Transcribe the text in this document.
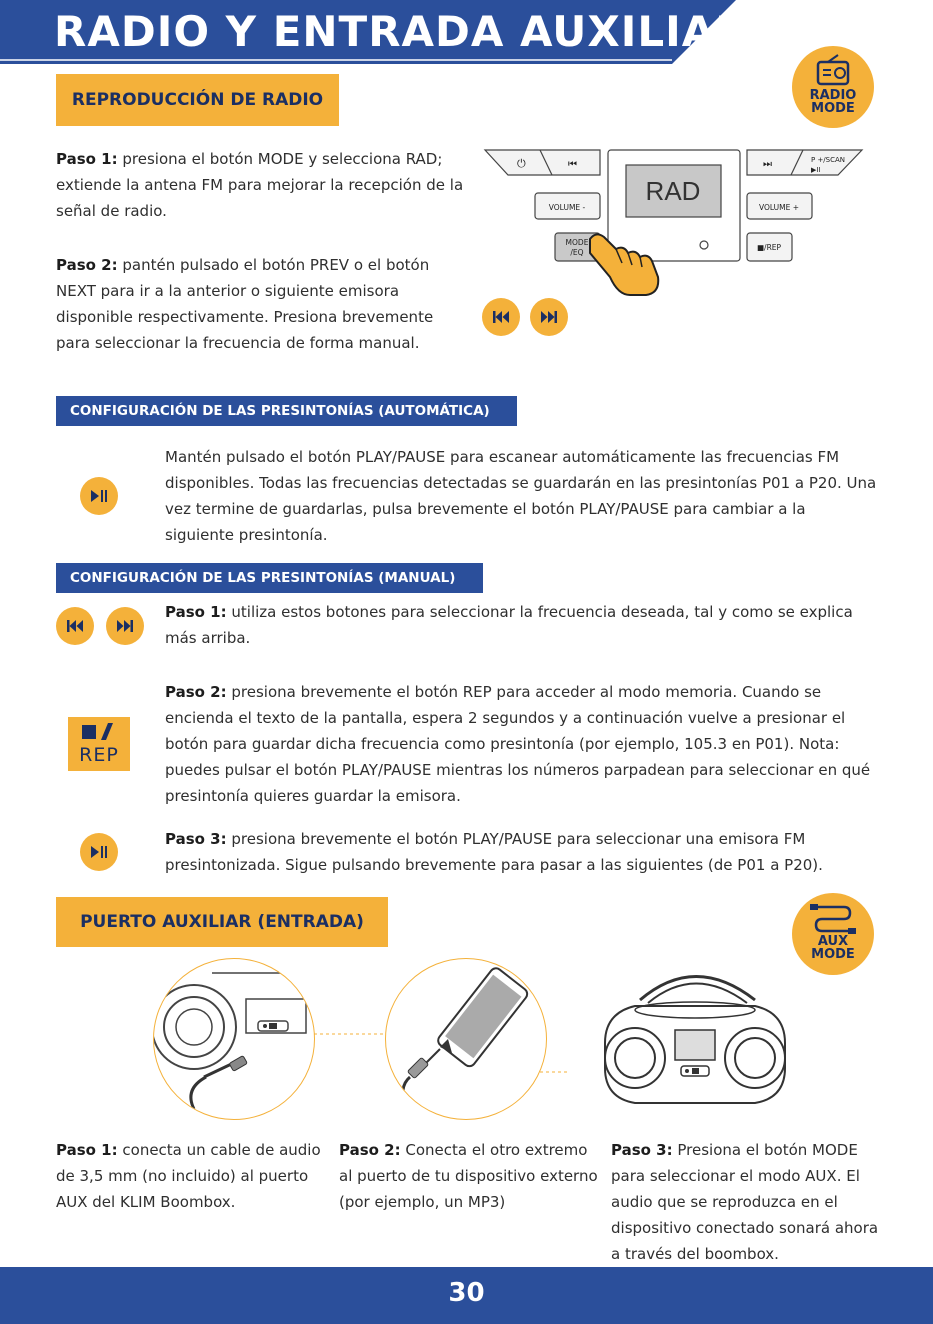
RADIO Y ENTRADA AUXILIAR
REPRODUCCIÓN DE RADIO	RADIO
MODE
Paso 1: presiona el botón MODE y selecciona RAD; extiende la antena FM para mejorar la recepción de la señal de radio.
Paso 2: pantén pulsado el botón PREV o el botón NEXT para ir a la anterior o siguiente emisora disponible respectivamente. Presiona brevemente para seleccionar la frecuencia de forma manual.
⏻	⏮	⏭	P +/SCAN
▶II
VOLUME -	VOLUME +
MODE
/EQ
■/REP
RAD
CONFIGURACIÓN DE LAS PRESINTONÍAS (AUTOMÁTICA)
Mantén pulsado el botón PLAY/PAUSE para escanear automáticamente las frecuencias FM disponibles. Todas las frecuencias detectadas se guardarán en las presintonías P01 a P20. Una vez termine de guardarlas, pulsa brevemente el botón PLAY/PAUSE para cambiar a la siguiente presintonía.
CONFIGURACIÓN DE LAS PRESINTONÍAS (MANUAL)
Paso 1: utiliza estos botones para seleccionar la frecuencia deseada, tal y como se explica más arriba.
REP
Paso 2: presiona brevemente el botón REP para acceder al modo memoria. Cuando se encienda el texto de la pantalla, espera 2 segundos y a continuación vuelve a presionar el botón para guardar dicha frecuencia como presintonía (por ejemplo, 105.3 en P01). Nota: puedes pulsar el botón PLAY/PAUSE mientras los números parpadean para seleccionar en qué presintonía quieres guardar la emisora.
Paso 3: presiona brevemente el botón PLAY/PAUSE para seleccionar una emisora FM presintonizada. Sigue pulsando brevemente para pasar a las siguientes (de P01 a P20).
PUERTO AUXILIAR (ENTRADA)
AUX
MODE
Paso 1: conecta un cable de audio de 3,5 mm (no incluido) al puerto AUX del KLIM Boombox.
Paso 2: Conecta el otro extremo al puerto de tu dispositivo externo (por ejemplo, un MP3)
Paso 3: Presiona el botón MODE para seleccionar el modo AUX. El audio que se reproduzca en el dispositivo conectado sonará ahora a través del boombox.
30
